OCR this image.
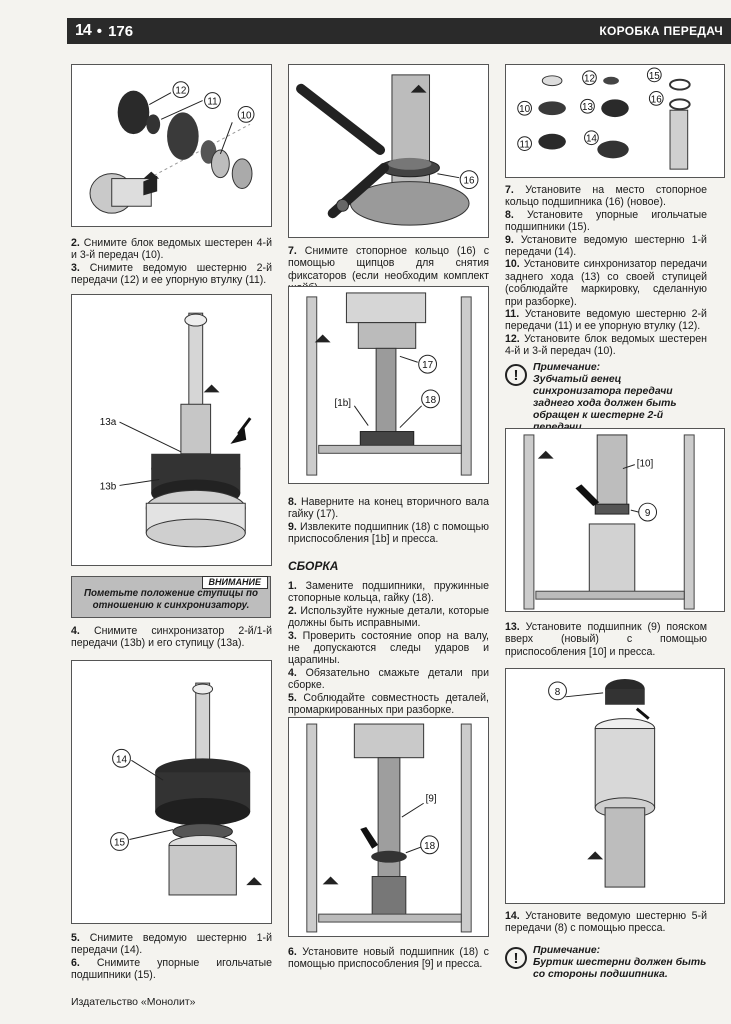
14 • 176	КОРОБКА ПЕРЕДАЧ
12
11
10

2. Снимите блок ведомых шестерен 4-й и 3-й передач (10).

3. Снимите ведомую шестерню 2-й передачи (12) и ее упорную втулку (11).

13a
13b
ВНИМАНИЕ
Пометьте положение ступицы по отношению к синхронизатору.

4. Снимите синхронизатор 2-й/1-й передачи (13b) и его ступицу (13a).

14
15

5. Снимите ведомую шестерню 1-й передачи (14).

6. Снимите упорные игольчатые подшипники (15).

16

7. Снимите стопорное кольцо (16) с помощью щипцов для снятия фиксаторов (если необходим комплект

17
18
[1b]

8. Наверните на конец вторичного вала гайку (17).

9. Извлеките подшипник (18) с помощью приспособления [1b] и пресса.

СБОРКА

1. Замените подшипники, пружинные стопорные кольца, гайку (18).

2. Используйте нужные детали, которые должны быть исправными.

3. Проверить состояние опор на валу, не допускаются следы ударов и царапины.

4. Обязательно смажьте детали при сборке.

5. Соблюдайте совместность деталей, промаркированных при разборке.

[9]
18

6. Установите новый подшипник (18) с помощью приспособления [9] и пресса.

12	15
16
10	13
11
14

7. Установите на место стопорное кольцо подшипника (16) (новое).

8. Установите упорные игольчатые подшипники (15).

9. Установите ведомую шестерню 1-й передачи (14).

10. Установите синхронизатор передачи заднего хода (13) со своей ступицей (соблюдайте маркировку, сделанную при разборке).

11. Установите ведомую шестерню 2-й передачи (11) и ее упорную втулку (12).

12. Установите блок ведомых шестерен 4-й и 3-й передач (10).

!	Примечание:
Зубчатый венец синхронизатора передачи заднего хода должен быть обращен к шестерне 2-й
[10]
9

13. Установите подшипник (9) пояском вверх (новый) с помощью приспособления [10] и пресса.

8

14. Установите ведомую шестерню 5-й передачи (8) с помощью пресса.

!	Примечание:
Буртик шестерни должен быть со стороны подшипника.
Издательство «Монолит»
